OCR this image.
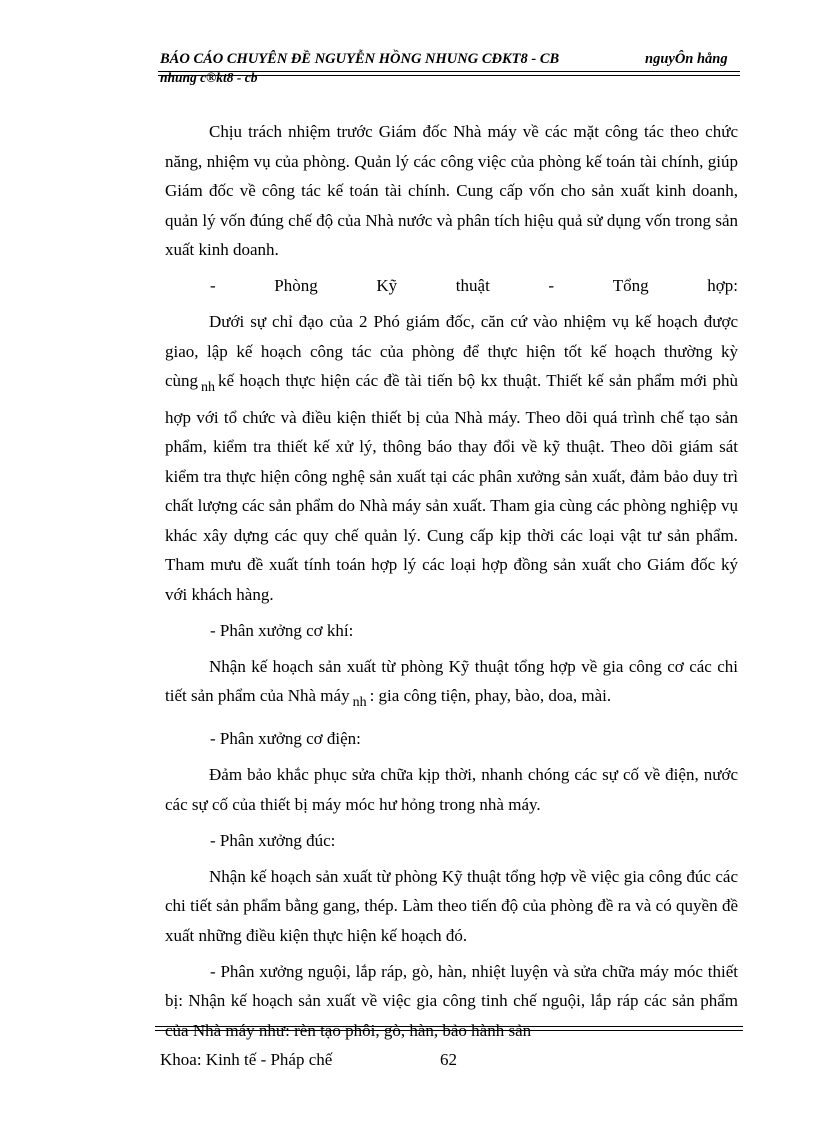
BÁO CÁO CHUYÊN ĐỀ NGUYỄN HỒNG NHUNG CĐKT8 - CB	nguyÔn hång
nhung c®kt8 - cb

Chịu trách nhiệm trước Giám đốc Nhà máy về các mặt công tác theo chức năng, nhiệm vụ của phòng. Quản lý các công việc của phòng kế toán tài chính, giúp Giám đốc về công tác kế toán tài chính. Cung cấp vốn cho sản xuất kinh doanh, quản lý vốn đúng chế độ của Nhà nước và phân tích hiệu quả sử dụng vốn trong sản xuất kinh doanh.

-	Phòng	Kỹ	thuật	-	Tổng	hợp:

Dưới sự chỉ đạo của 2 Phó giám đốc, căn cứ vào nhiệm vụ kế hoạch được giao, lập kế hoạch công tác của phòng để thực hiện tốt kế hoạch thường kỳ cùng $_{nh}$ kế hoạch thực hiện các đề tài tiến bộ kx thuật. Thiết kế sản phẩm mới phù hợp với tổ chức và điều kiện thiết bị của Nhà máy. Theo dõi quá trình chế tạo sản phẩm, kiểm tra thiết kế xử lý, thông báo thay đổi về kỹ thuật. Theo dõi giám sát kiểm tra thực hiện công nghệ sản xuất tại các phân xưởng sản xuất, đảm bảo duy trì chất lượng các sản phẩm do Nhà máy sản xuất. Tham gia cùng các phòng nghiệp vụ khác xây dựng các quy chế quản lý. Cung cấp kịp thời các loại vật tư sản phẩm. Tham mưu đề xuất tính toán hợp lý các loại hợp đồng sản xuất cho Giám đốc ký với khách hàng.

- Phân xưởng cơ khí:

Nhận kế hoạch sản xuất từ phòng Kỹ thuật tổng hợp về gia công cơ các chi tiết sản phẩm của Nhà máy $_{nh}$ : gia công tiện, phay, bào, doa, mài.

- Phân xưởng cơ điện:

Đảm bảo khắc phục sửa chữa kịp thời, nhanh chóng các sự cố về điện, nước các sự cố của thiết bị máy móc hư hỏng trong nhà máy.

- Phân xưởng đúc:

Nhận kế hoạch sản xuất từ phòng Kỹ thuật tổng hợp về việc gia công đúc các chi tiết sản phẩm bằng gang, thép. Làm theo tiến độ của phòng đề ra và có quyền đề xuất những điều kiện thực hiện kế hoạch đó.

- Phân xưởng nguội, lắp ráp, gò, hàn, nhiệt luyện và sửa chữa máy móc thiết bị: Nhận kế hoạch sản xuất về việc gia công tinh chế nguội, lắp ráp các sản phẩm của Nhà máy như: rèn tạo phôi, gò, hàn, bảo hành sản

Khoa: Kinh tế - Pháp chế	62
